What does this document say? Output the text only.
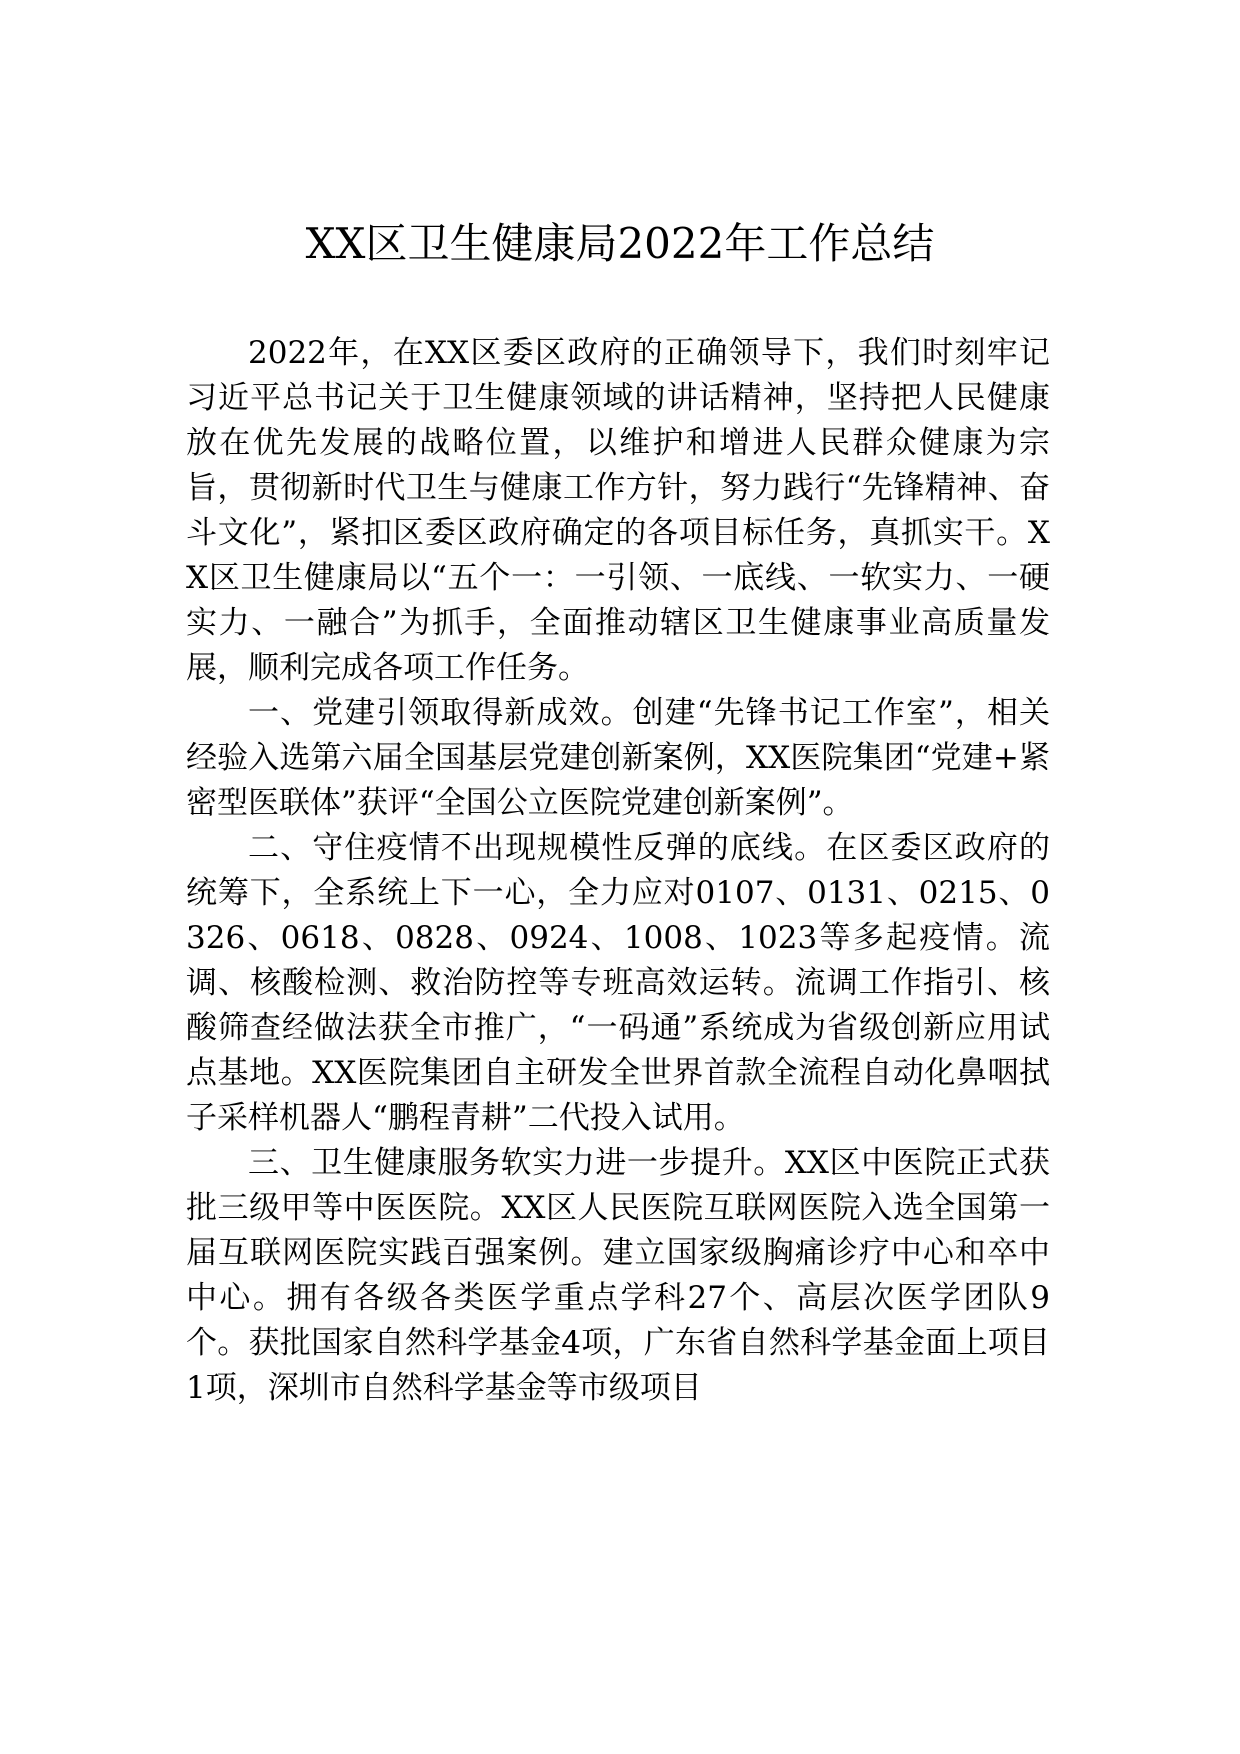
XX区卫生健康局2022年工作总结

2022年，在XX区委区政府的正确领导下，我们时刻牢记习近平总书记关于卫生健康领域的讲话精神，坚持把人民健康放在优先发展的战略位置，以维护和增进人民群众健康为宗旨，贯彻新时代卫生与健康工作方针，努力践行“先锋精神、奋斗文化”，紧扣区委区政府确定的各项目标任务，真抓实干。XX区卫生健康局以“五个一：一引领、一底线、一软实力、一硬实力、一融合”为抓手，全面推动辖区卫生健康事业高质量发展，顺利完成各项工作任务。

一、党建引领取得新成效。创建“先锋书记工作室”，相关经验入选第六届全国基层党建创新案例，XX医院集团“党建+紧密型医联体”获评“全国公立医院党建创新案例”。

二、守住疫情不出现规模性反弹的底线。在区委区政府的统筹下，全系统上下一心，全力应对0107、0131、0215、0326、0618、0828、0924、1008、1023等多起疫情。流调、核酸检测、救治防控等专班高效运转。流调工作指引、核酸筛查经做法获全市推广，“一码通”系统成为省级创新应用试点基地。XX医院集团自主研发全世界首款全流程自动化鼻咽拭子采样机器人“鹏程青耕”二代投入试用。

三、卫生健康服务软实力进一步提升。XX区中医院正式获批三级甲等中医医院。XX区人民医院互联网医院入选全国第一届互联网医院实践百强案例。建立国家级胸痛诊疗中心和卒中中心。拥有各级各类医学重点学科27个、高层次医学团队9个。获批国家自然科学基金4项，广东省自然科学基金面上项目1项，深圳市自然科学基金等市级项目
